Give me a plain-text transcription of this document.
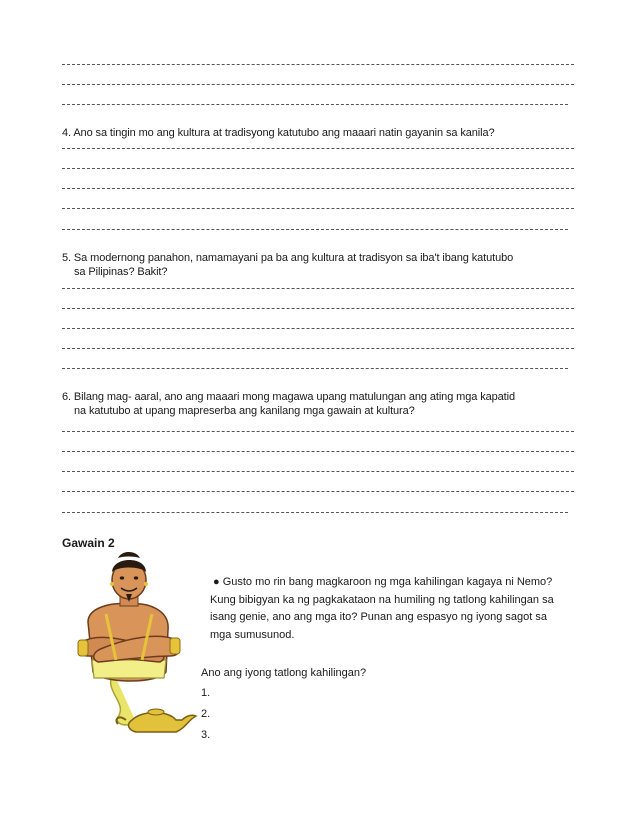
4. Ano sa tingin mo ang kultura at tradisyong katutubo ang maaari natin gayanin sa kanila?
5. Sa modernong panahon, namamayani pa ba ang kultura at tradisyon sa iba't ibang katutubo
sa Pilipinas? Bakit?
6. Bilang mag- aaral, ano ang maaari mong magawa upang matulungan ang ating mga kapatid
na katutubo at upang mapreserba ang kanilang mga gawain at kultura?
Gawain 2
● Gusto mo rin bang magkaroon ng mga kahilingan kagaya ni Nemo?
Kung bibigyan ka ng pagkakataon na humiling ng tatlong kahilingan sa
isang genie, ano ang mga ito? Punan ang espasyo ng iyong sagot sa
mga sumusunod.
Ano ang iyong tatlong kahilingan?
1.
2.
3.
